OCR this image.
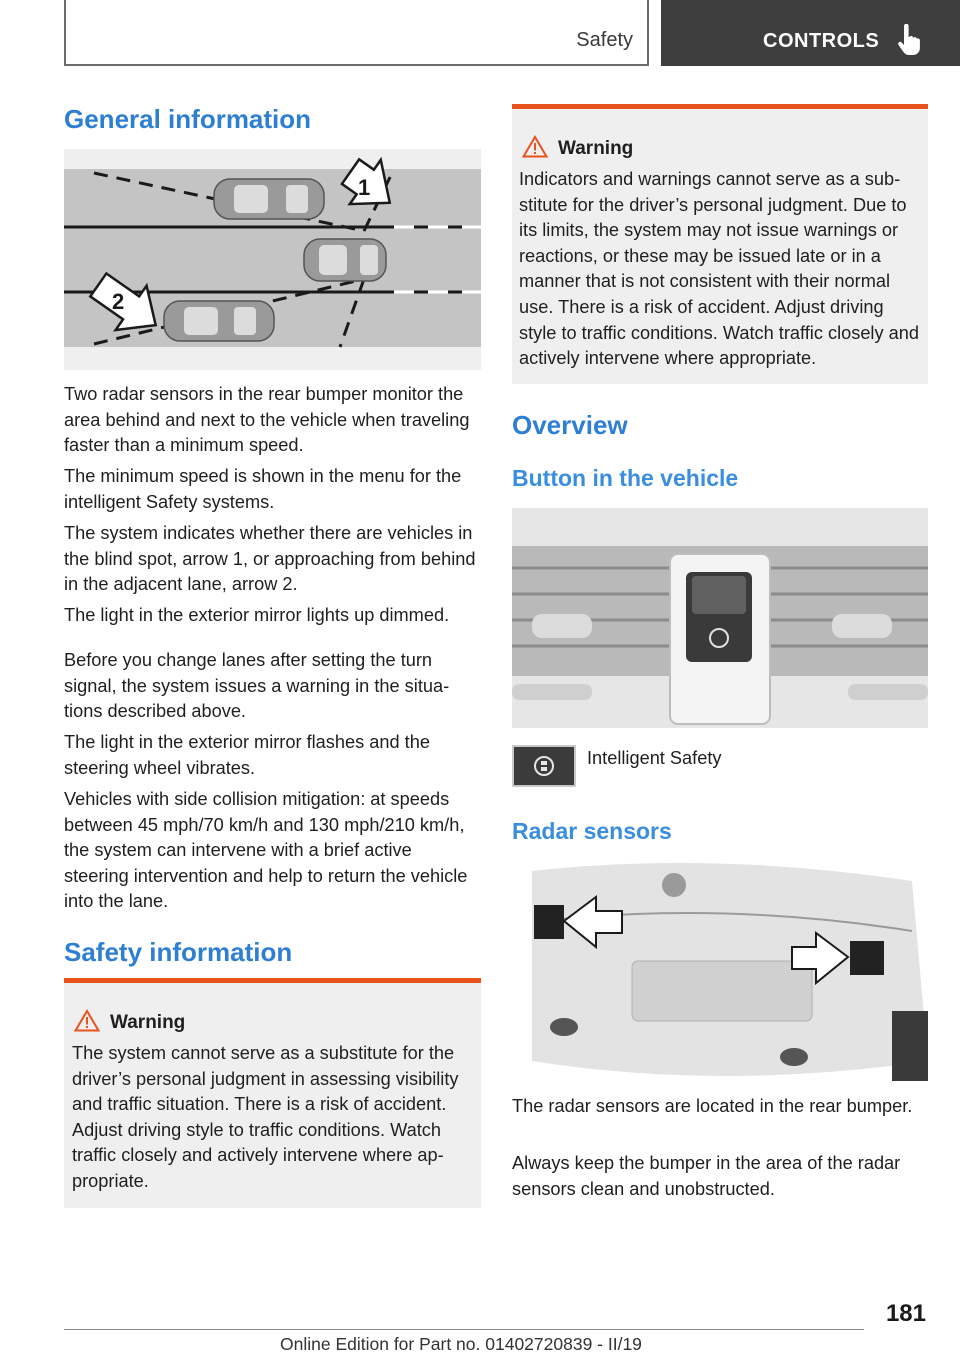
Safety	CONTROLS
General information
1
2

Two radar sensors in the rear bumper monitor the area behind and next to the vehicle when traveling faster than a minimum speed.

The minimum speed is shown in the menu for the intelligent Safety systems.

The system indicates whether there are vehicles in the blind spot, arrow 1, or approaching from behind in the adjacent lane, arrow 2.

The light in the exterior mirror lights up dimmed.

Before you change lanes after setting the turn signal, the system issues a warning in the situations described above.

The light in the exterior mirror flashes and the steering wheel vibrates.

Vehicles with side collision mitigation: at speeds between 45 mph/70 km/h and 130 mph/210 km/h, the system can intervene with a brief active steering intervention and help to return the vehicle into the lane.

Safety information
Warning

The system cannot serve as a substitute for the driver’s personal judgment in assessing visibility and traffic situation. There is a risk of accident. Adjust driving style to traffic conditions. Watch traffic closely and actively intervene where appropriate.

Warning

Indicators and warnings cannot serve as a substitute for the driver’s personal judgment. Due to its limits, the system may not issue warnings or reactions, or these may be issued late or in a manner that is not consistent with their normal use. There is a risk of accident. Adjust driving style to traffic conditions. Watch traffic closely and actively intervene where appropriate.

Overview
Button in the vehicle
Intelligent Safety
Radar sensors

The radar sensors are located in the rear bumper.

Always keep the bumper in the area of the radar sensors clean and unobstructed.

181
Online Edition for Part no. 01402720839 - II/19
